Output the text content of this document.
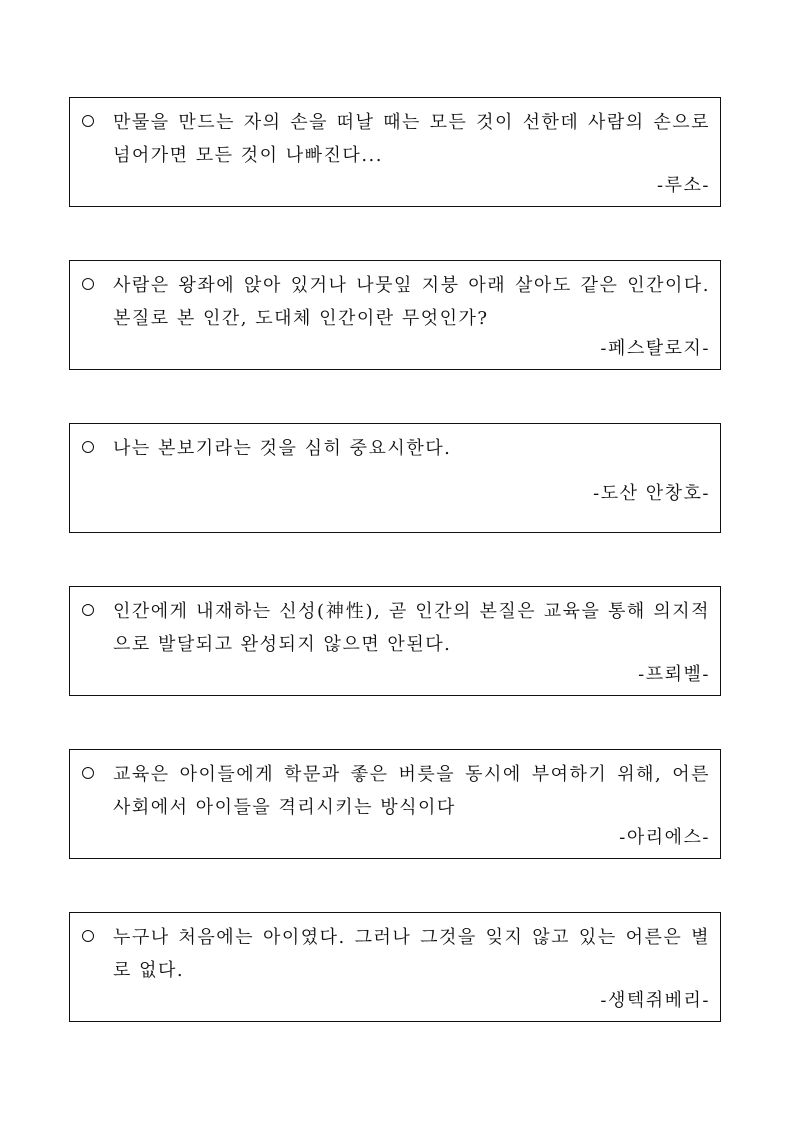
만물을 만드는 자의 손을 떠날 때는 모든 것이 선한데 사람의 손으로 넘어가면 모든 것이 나빠진다...
-루소-
사람은 왕좌에 앉아 있거나 나뭇잎 지붕 아래 살아도 같은 인간이다. 본질로 본 인간, 도대체 인간이란 무엇인가?
-페스탈로지-
나는 본보기라는 것을 심히 중요시한다.
-도산 안창호-
인간에게 내재하는 신성(神性), 곧 인간의 본질은 교육을 통해 의지적으로 발달되고 완성되지 않으면 안된다.
-프뢰벨-
교육은 아이들에게 학문과 좋은 버릇을 동시에 부여하기 위해, 어른 사회에서 아이들을 격리시키는 방식이다
-아리에스-
누구나 처음에는 아이였다. 그러나 그것을 잊지 않고 있는 어른은 별로 없다.
-생텍쥐베리-
